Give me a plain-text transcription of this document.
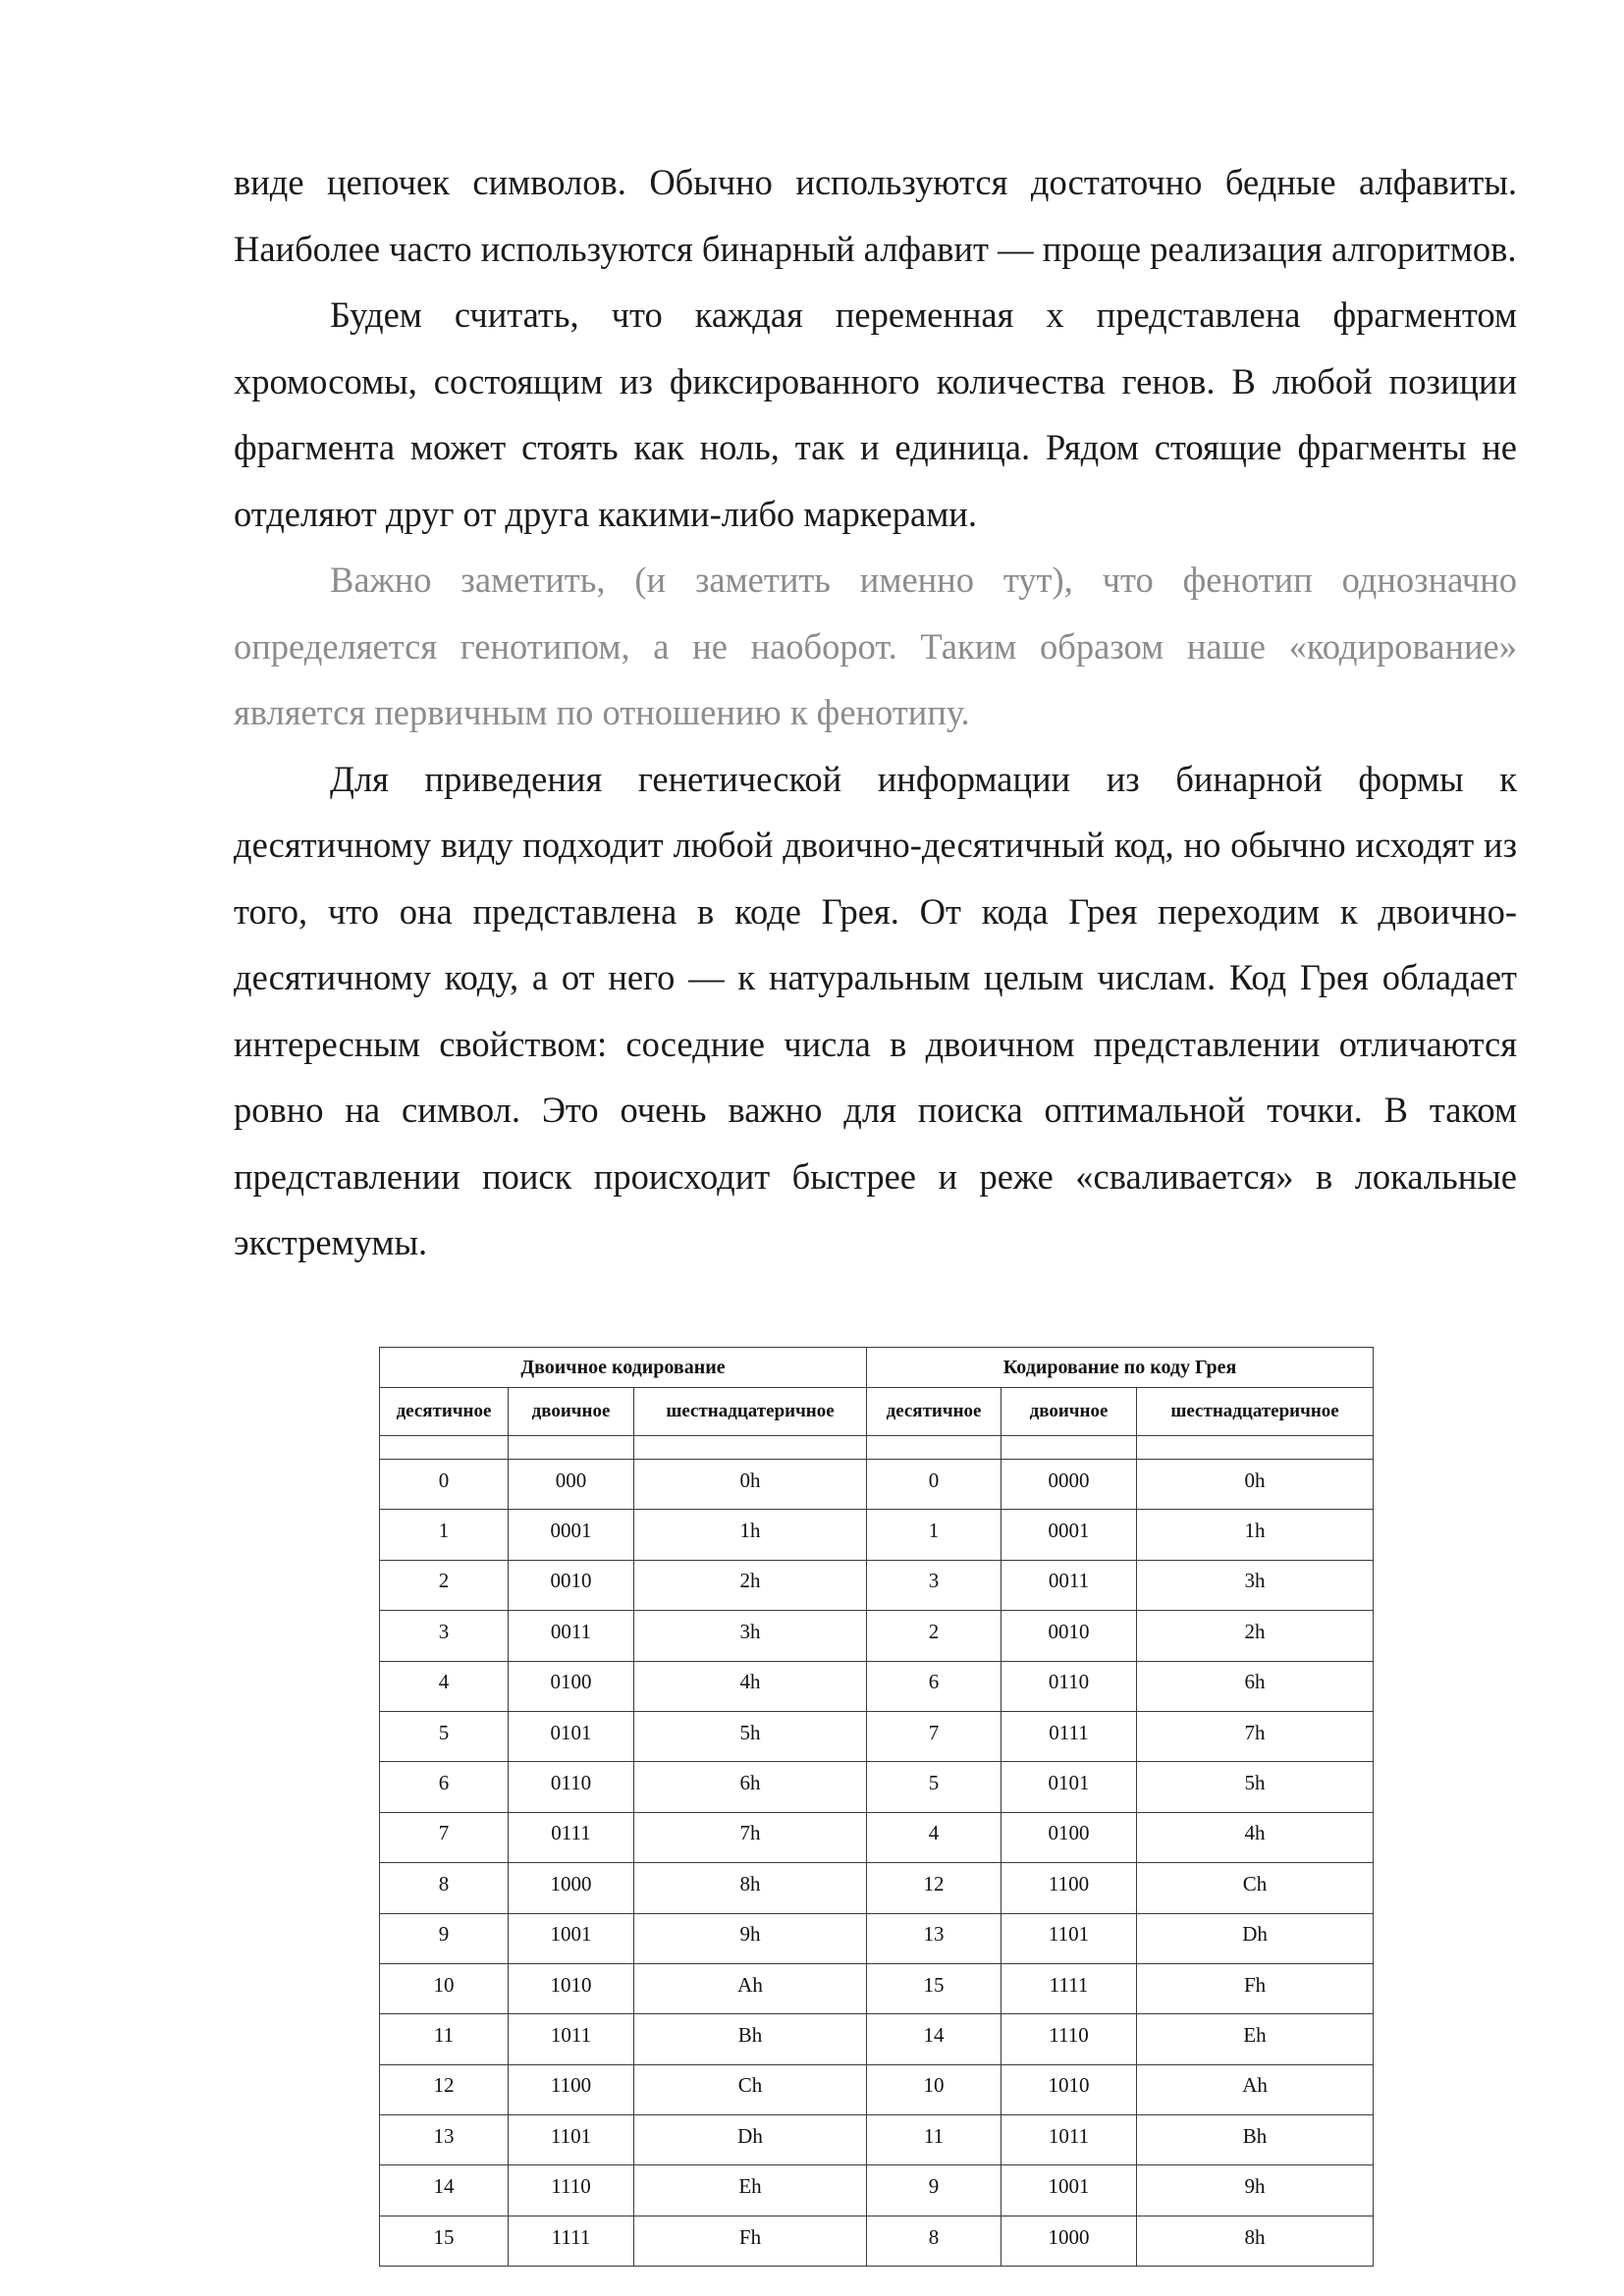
виде цепочек символов. Обычно используются достаточно бедные алфавиты. Наиболее часто используются бинарный алфавит — проще реализация алгоритмов.

Будем считать, что каждая переменная х представлена фрагментом хромосомы, состоящим из фиксированного количества генов. В любой позиции фрагмента может стоять как ноль, так и единица. Рядом стоящие фрагменты не отделяют друг от друга какими-либо маркерами.

Важно заметить, (и заметить именно тут), что фенотип однозначно определяется генотипом, а не наоборот. Таким образом наше «кодирование» является первичным по отношению к фенотипу.

Для приведения генетической информации из бинарной формы к десятичному виду подходит любой двоично-десятичный код, но обычно исходят из того, что она представлена в коде Грея. От кода Грея переходим к двоично-десятичному коду, а от него — к натуральным целым числам. Код Грея обладает интересным свойством: соседние числа в двоичном представлении отличаются ровно на символ. Это очень важно для поиска оптимальной точки. В таком представлении поиск происходит быстрее и реже «сваливается» в локальные экстремумы.

Двоичное кодирование			Кодирование по коду Грея		
десятичное	двоичное	шестнадцатеричное	десятичное	двоичное	шестнадцатеричное

0	000	0h	0	0000	0h
1	0001	1h	1	0001	1h
2	0010	2h	3	0011	3h
3	0011	3h	2	0010	2h
4	0100	4h	6	0110	6h
5	0101	5h	7	0111	7h
6	0110	6h	5	0101	5h
7	0111	7h	4	0100	4h
8	1000	8h	12	1100	Ch
9	1001	9h	13	1101	Dh
10	1010	Ah	15	1111	Fh
11	1011	Bh	14	1110	Eh
12	1100	Ch	10	1010	Ah
13	1101	Dh	11	1011	Bh
14	1110	Eh	9	1001	9h
15	1111	Fh	8	1000	8h
